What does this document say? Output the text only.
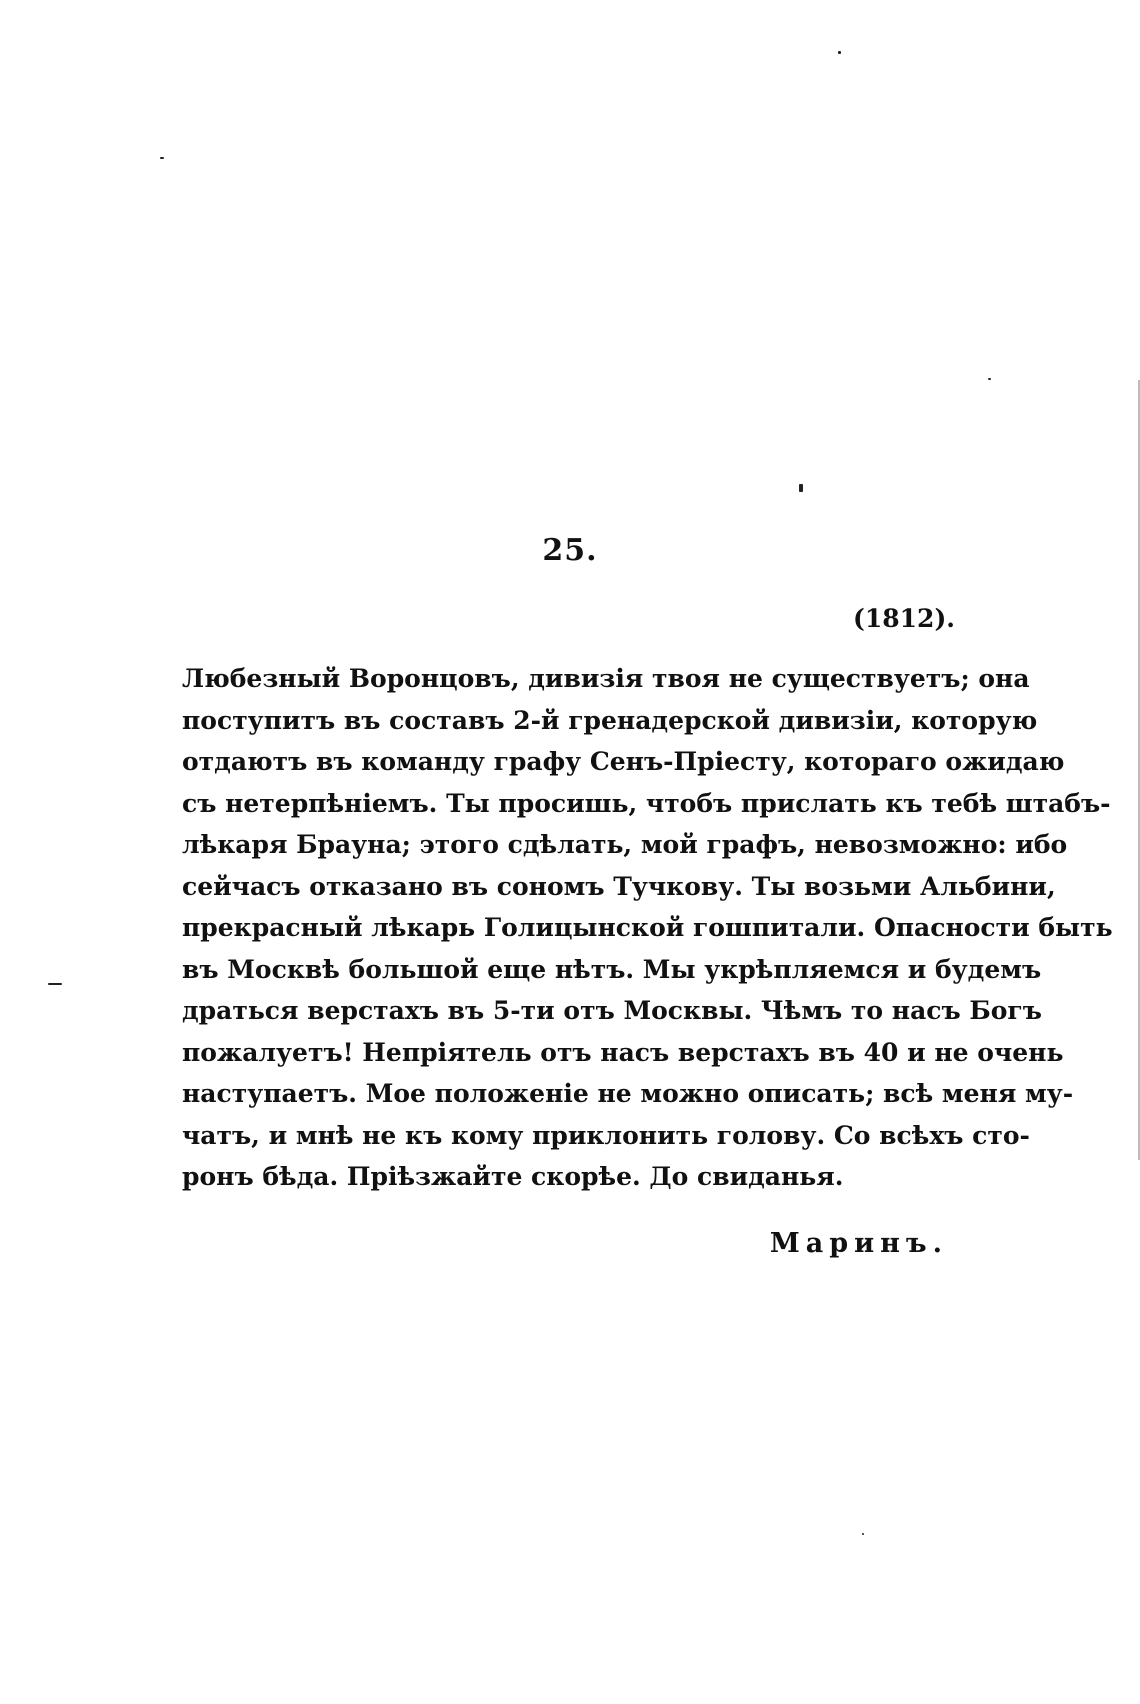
25.
(1812).
Любезный Воронцовъ, дивизія твоя не существуетъ; она
поступитъ въ составъ 2-й гренадерской дивизіи, которую
отдаютъ въ команду графу Сенъ-Пріесту, котораго ожидаю
съ нетерпѣніемъ. Ты просишь, чтобъ прислать къ тебѣ штабъ-
лѣкаря Брауна; этого сдѣлать, мой графъ, невозможно: ибо
сейчасъ отказано въ сономъ Тучкову. Ты возьми Альбини,
прекрасный лѣкарь Голицынской гошпитали. Опасности быть
въ Москвѣ большой еще нѣтъ. Мы укрѣпляемся и будемъ
драться верстахъ въ 5-ти отъ Москвы. Чѣмъ то насъ Богъ
пожалуетъ! Непріятель отъ насъ верстахъ въ 40 и не очень
наступаетъ. Мое положеніе не можно описать; всѣ меня му-
чатъ, и мнѣ не къ кому приклонить голову. Со всѣхъ сто-
ронъ бѣда. Пріѣзжайте скорѣе. До свиданья.
Маринъ.
